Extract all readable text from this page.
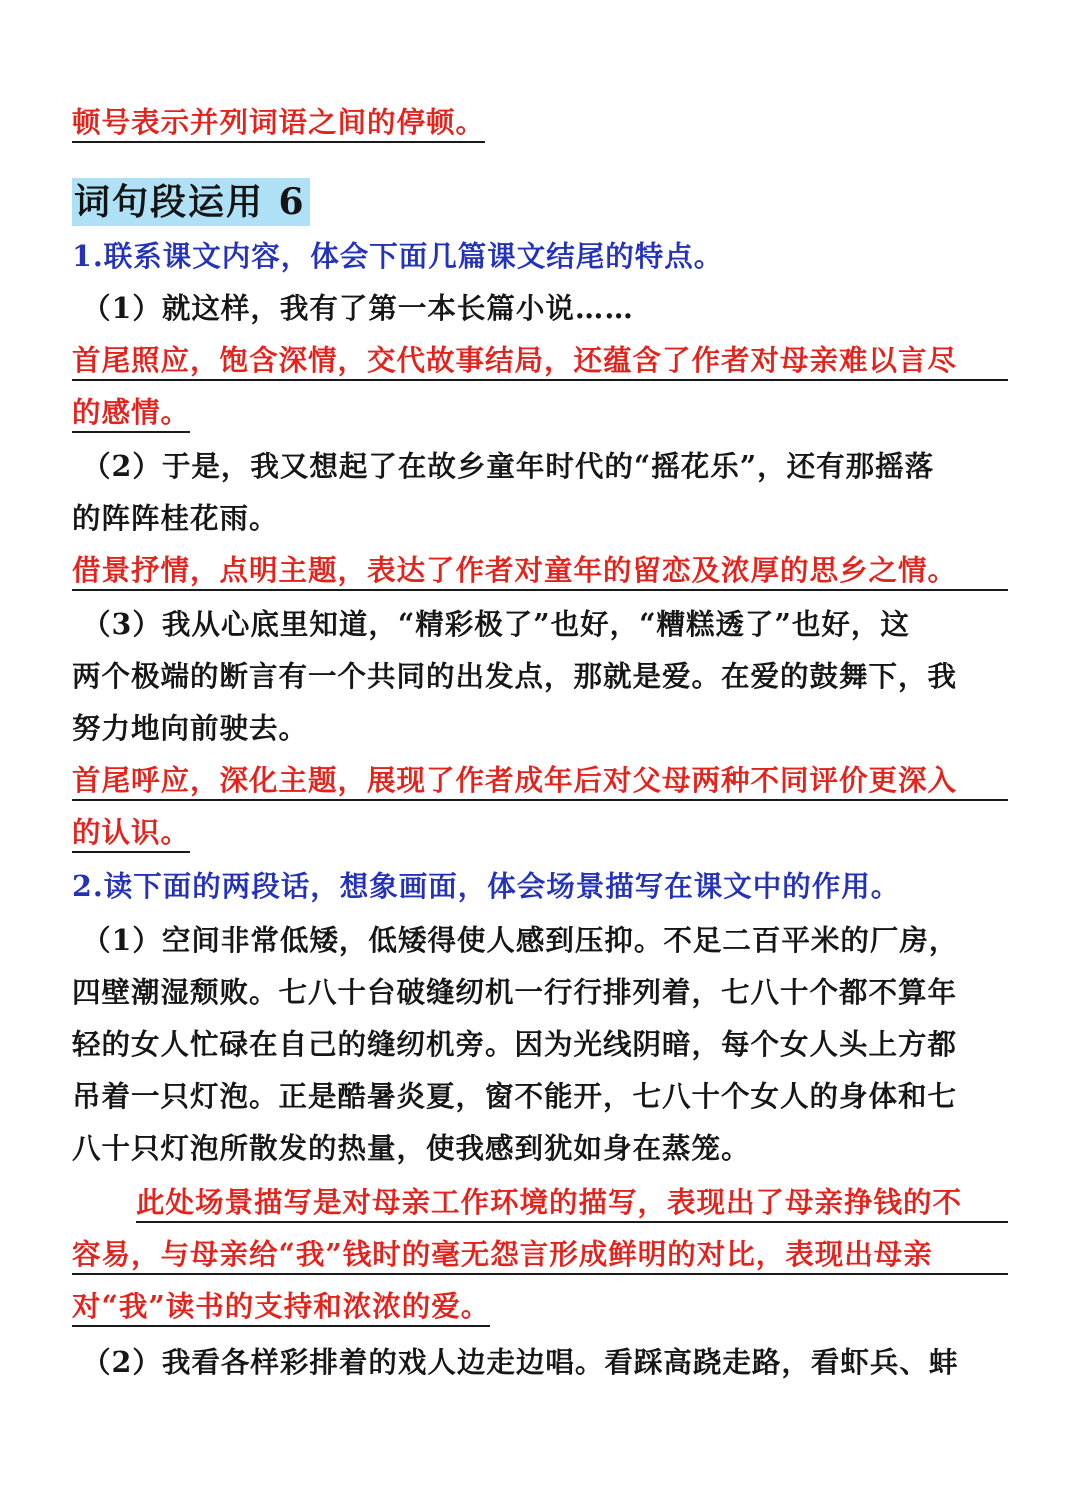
顿号表示并列词语之间的停顿。
词句段运用 6
1.联系课文内容，体会下面几篇课文结尾的特点。
（1）就这样，我有了第一本长篇小说……
首尾照应，饱含深情，交代故事结局，还蕴含了作者对母亲难以言尽
的感情。
（2）于是，我又想起了在故乡童年时代的“摇花乐”，还有那摇落
的阵阵桂花雨。
借景抒情，点明主题，表达了作者对童年的留恋及浓厚的思乡之情。
（3）我从心底里知道，“精彩极了”也好，“糟糕透了”也好，这
两个极端的断言有一个共同的出发点，那就是爱。在爱的鼓舞下，我
努力地向前驶去。
首尾呼应，深化主题，展现了作者成年后对父母两种不同评价更深入
的认识。
2.读下面的两段话，想象画面，体会场景描写在课文中的作用。
（1）空间非常低矮，低矮得使人感到压抑。不足二百平米的厂房，
四壁潮湿颓败。七八十台破缝纫机一行行排列着，七八十个都不算年
轻的女人忙碌在自己的缝纫机旁。因为光线阴暗，每个女人头上方都
吊着一只灯泡。正是酷暑炎夏，窗不能开，七八十个女人的身体和七
八十只灯泡所散发的热量，使我感到犹如身在蒸笼。
此处场景描写是对母亲工作环境的描写，表现出了母亲挣钱的不
容易，与母亲给“我”钱时的毫无怨言形成鲜明的对比，表现出母亲
对“我”读书的支持和浓浓的爱。
（2）我看各样彩排着的戏人边走边唱。看踩高跷走路，看虾兵、蚌
